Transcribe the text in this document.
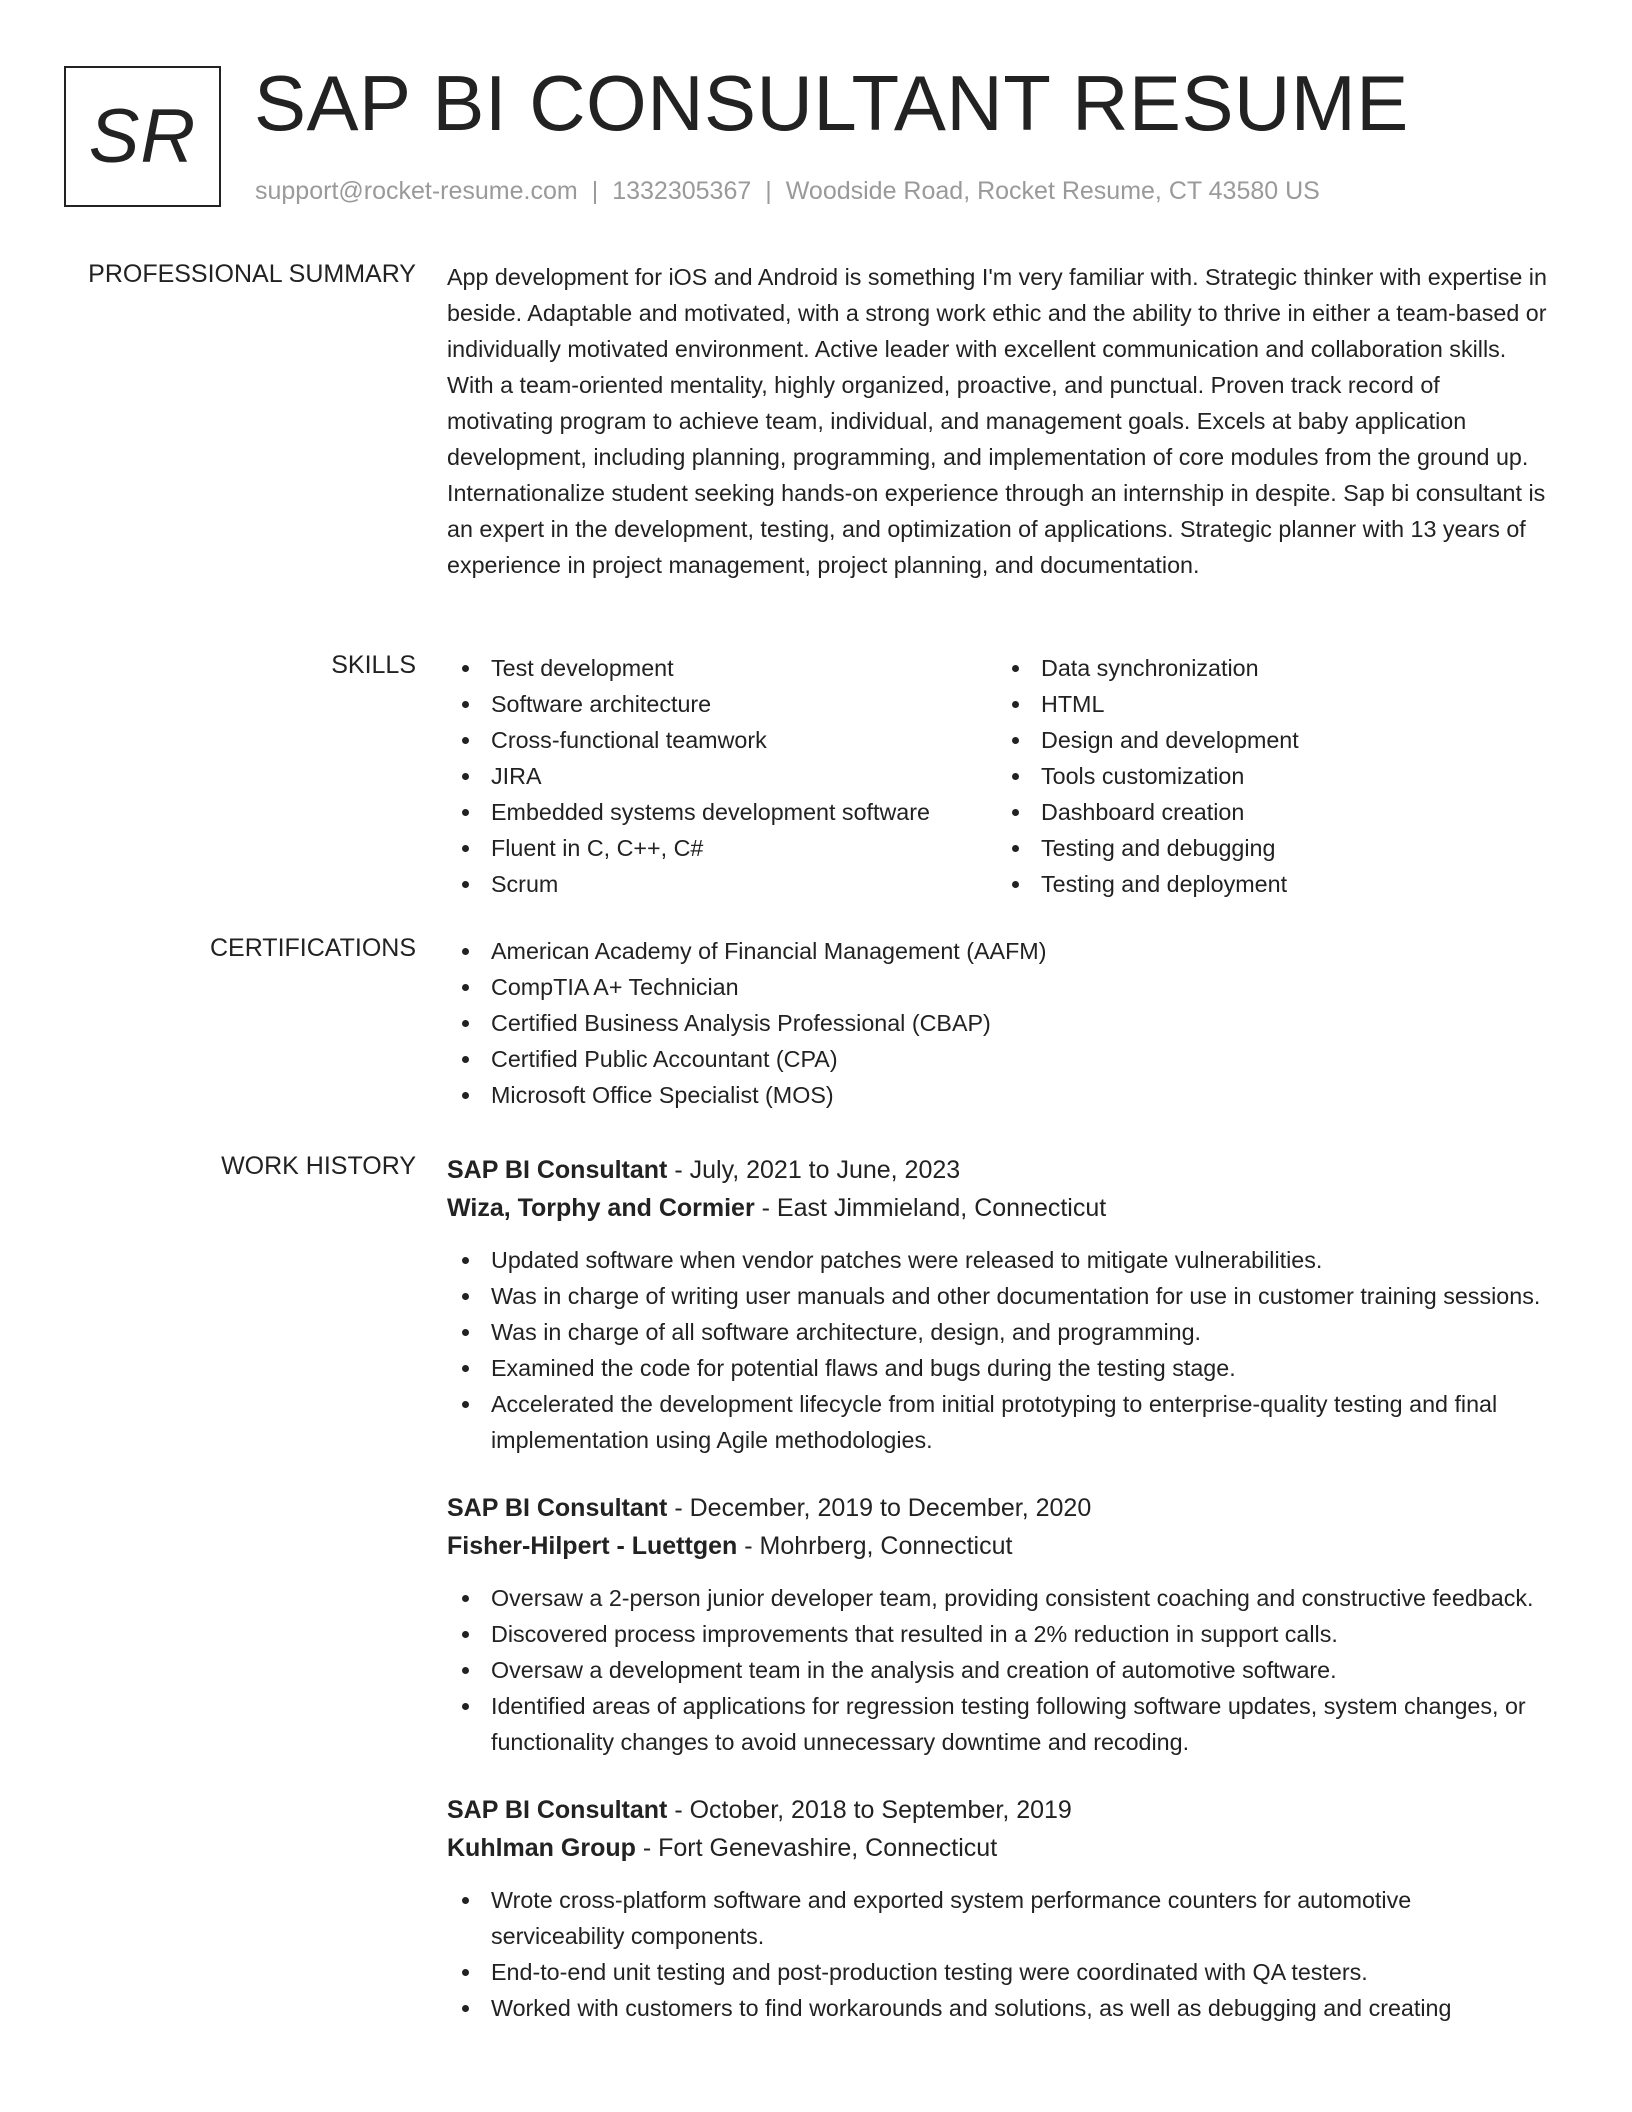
SR SAP BI CONSULTANT RESUME
support@rocket-resume.com | 1332305367 | Woodside Road, Rocket Resume, CT 43580 US
PROFESSIONAL SUMMARY App development for iOS and Android is something I'm very familiar with. Strategic thinker with expertise in beside. Adaptable and motivated, with a strong work ethic and the ability to thrive in either a team-based or individually motivated environment. Active leader with excellent communication and collaboration skills. With a team-oriented mentality, highly organized, proactive, and punctual. Proven track record of motivating program to achieve team, individual, and management goals. Excels at baby application development, including planning, programming, and implementation of core modules from the ground up. Internationalize student seeking hands-on experience through an internship in despite. Sap bi consultant is an expert in the development, testing, and optimization of applications. Strategic planner with 13 years of experience in project management, project planning, and documentation.

SKILLS	Test development
Software architecture
Cross-functional teamwork
JIRA
Embedded systems development software
Fluent in C, C++, C#
Scrum
Data synchronization
HTML
Design and development
Tools customization
Dashboard creation
Testing and debugging
Testing and deployment
CERTIFICATIONS	American Academy of Financial Management (AAFM)
CompTIA A+ Technician
Certified Business Analysis Professional (CBAP)
Certified Public Accountant (CPA)
Microsoft Office Specialist (MOS)
WORK HISTORY SAP BI Consultant - July, 2021 to June, 2023
Wiza, Torphy and Cormier - East Jimmieland, Connecticut
Updated software when vendor patches were released to mitigate vulnerabilities.
Was in charge of writing user manuals and other documentation for use in customer training sessions.
Was in charge of all software architecture, design, and programming.
Examined the code for potential flaws and bugs during the testing stage.
Accelerated the development lifecycle from initial prototyping to enterprise-quality testing and final implementation using Agile methodologies.
SAP BI Consultant - December, 2019 to December, 2020
Fisher-Hilpert - Luettgen - Mohrberg, Connecticut
Oversaw a 2-person junior developer team, providing consistent coaching and constructive feedback.
Discovered process improvements that resulted in a 2% reduction in support calls.
Oversaw a development team in the analysis and creation of automotive software.
Identified areas of applications for regression testing following software updates, system changes, or functionality changes to avoid unnecessary downtime and recoding.
SAP BI Consultant - October, 2018 to September, 2019
Kuhlman Group - Fort Genevashire, Connecticut
Wrote cross-platform software and exported system performance counters for automotive serviceability components.
End-to-end unit testing and post-production testing were coordinated with QA testers.
Worked with customers to find workarounds and solutions, as well as debugging and creating
